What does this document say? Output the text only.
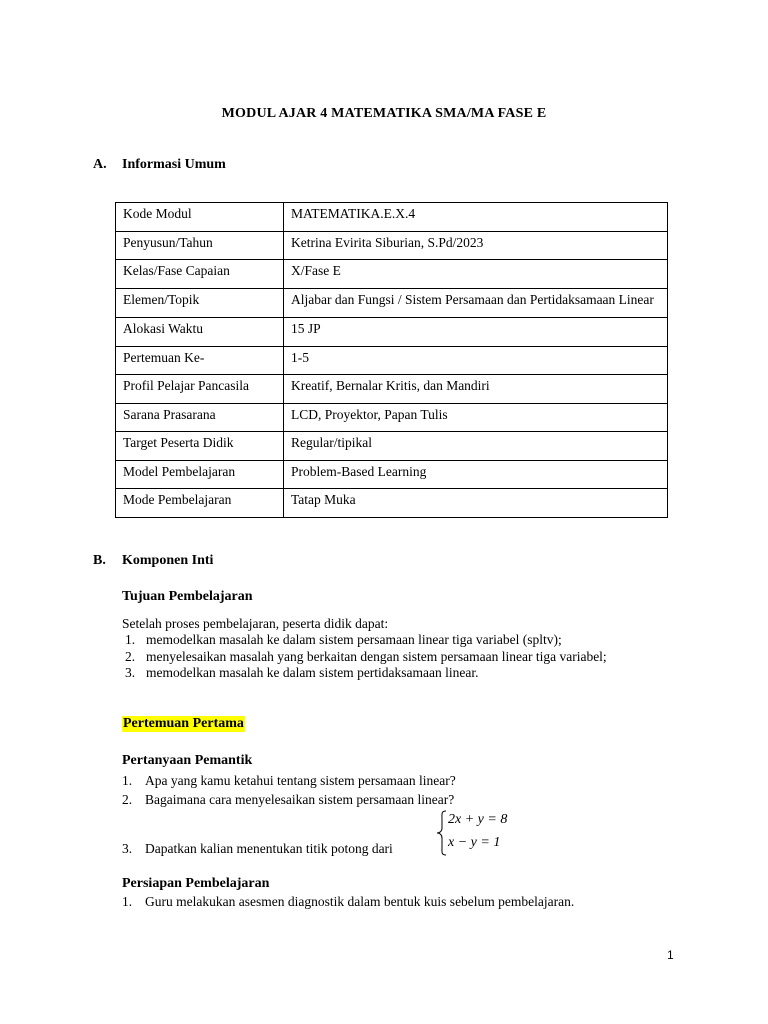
MODUL AJAR 4 MATEMATIKA SMA/MA FASE E
A. Informasi Umum
Kode Modul	MATEMATIKA.E.X.4
Penyusun/Tahun	Ketrina Evirita Siburian, S.Pd/2023
Kelas/Fase Capaian	X/Fase E
Elemen/Topik	Aljabar dan Fungsi / Sistem Persamaan dan Pertidaksamaan Linear
Alokasi Waktu	15 JP
Pertemuan Ke-	1-5
Profil Pelajar Pancasila	Kreatif, Bernalar Kritis, dan Mandiri
Sarana Prasarana	LCD, Proyektor, Papan Tulis
Target Peserta Didik	Regular/tipikal
Model Pembelajaran	Problem-Based Learning
Mode Pembelajaran	Tatap Muka
B. Komponen Inti
Tujuan Pembelajaran
Setelah proses pembelajaran, peserta didik dapat:
1. memodelkan masalah ke dalam sistem persamaan linear tiga variabel (spltv);
2. menyelesaikan masalah yang berkaitan dengan sistem persamaan linear tiga variabel;
3. memodelkan masalah ke dalam sistem pertidaksamaan linear.
Pertemuan Pertama
Pertanyaan Pemantik
1. Apa yang kamu ketahui tentang sistem persamaan linear?
2. Bagaimana cara menyelesaikan sistem persamaan linear?
3. Dapatkan kalian menentukan titik potong dari
2x + y = 8
x − y = 1
Persiapan Pembelajaran
1. Guru melakukan asesmen diagnostik dalam bentuk kuis sebelum pembelajaran.
1
